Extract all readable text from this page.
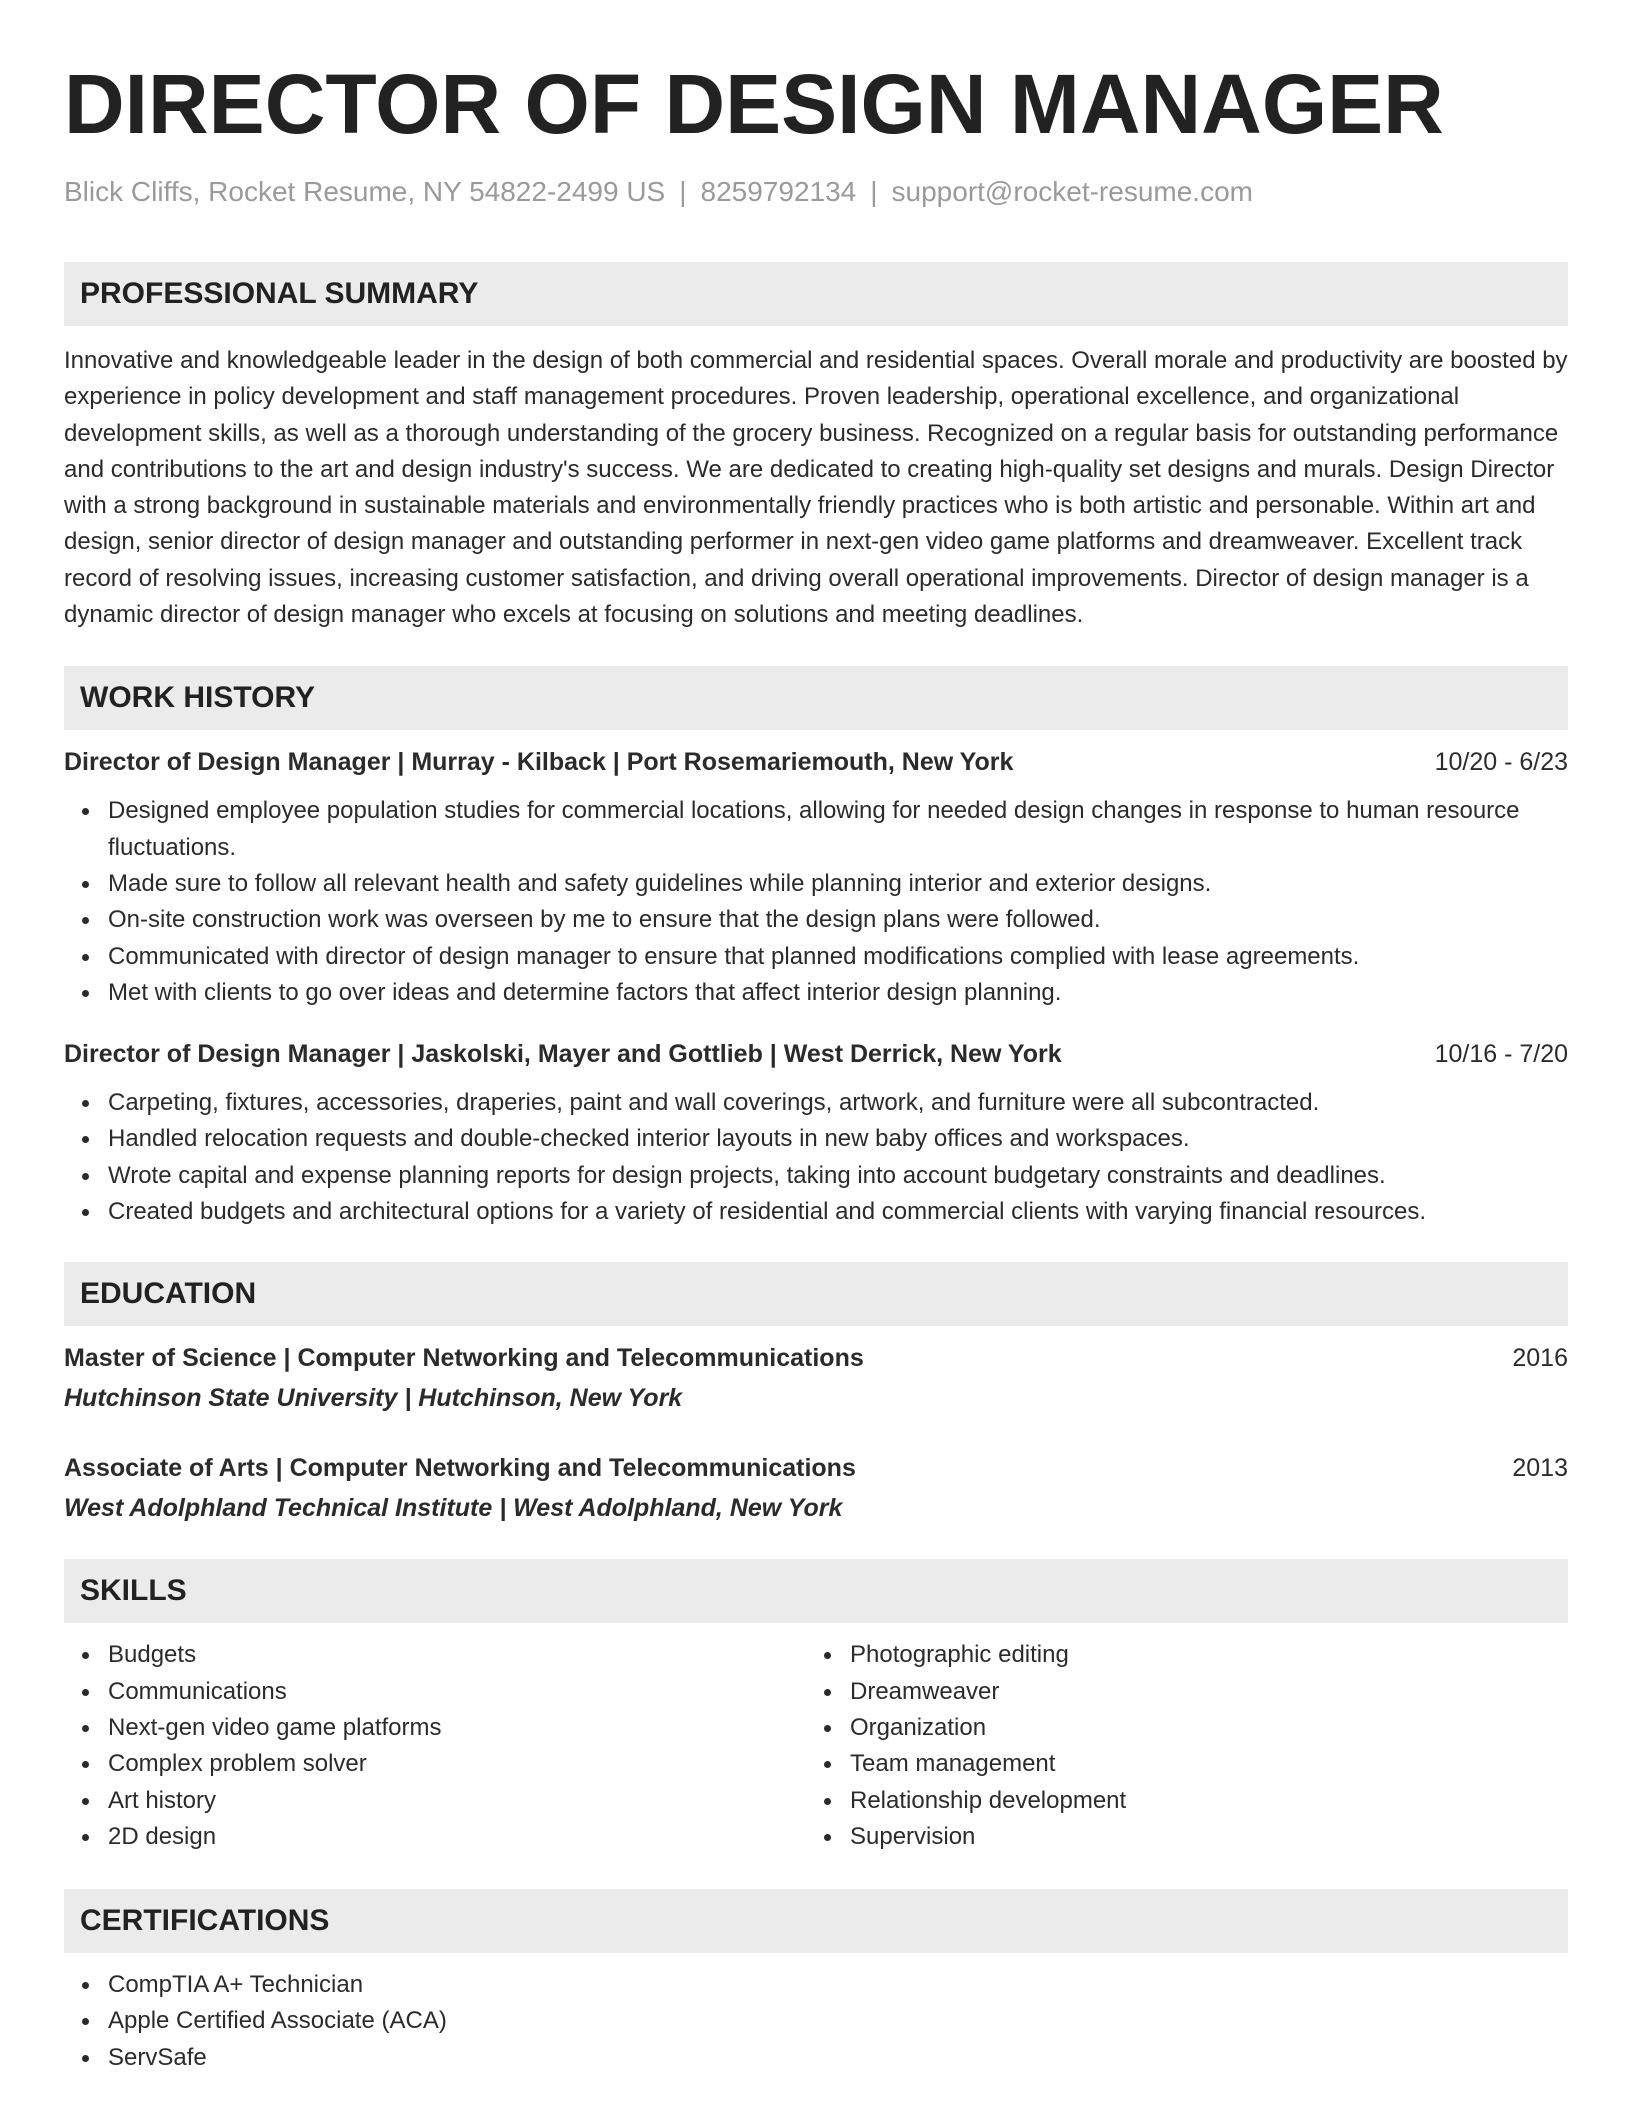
DIRECTOR OF DESIGN MANAGER
Blick Cliffs, Rocket Resume, NY 54822-2499 US | 8259792134 | support@rocket-resume.com
PROFESSIONAL SUMMARY

Innovative and knowledgeable leader in the design of both commercial and residential spaces. Overall morale and productivity are boosted by experience in policy development and staff management procedures. Proven leadership, operational excellence, and organizational development skills, as well as a thorough understanding of the grocery business. Recognized on a regular basis for outstanding performance and contributions to the art and design industry's success. We are dedicated to creating high-quality set designs and murals. Design Director with a strong background in sustainable materials and environmentally friendly practices who is both artistic and personable. Within art and design, senior director of design manager and outstanding performer in next-gen video game platforms and dreamweaver. Excellent track record of resolving issues, increasing customer satisfaction, and driving overall operational improvements. Director of design manager is a dynamic director of design manager who excels at focusing on solutions and meeting deadlines.

WORK HISTORY
Director of Design Manager | Murray - Kilback | Port Rosemariemouth, New York	10/20 - 6/23
Designed employee population studies for commercial locations, allowing for needed design changes in response to human resource fluctuations.
Made sure to follow all relevant health and safety guidelines while planning interior and exterior designs.
On-site construction work was overseen by me to ensure that the design plans were followed.
Communicated with director of design manager to ensure that planned modifications complied with lease agreements.
Met with clients to go over ideas and determine factors that affect interior design planning.
Director of Design Manager | Jaskolski, Mayer and Gottlieb | West Derrick, New York	10/16 - 7/20
Carpeting, fixtures, accessories, draperies, paint and wall coverings, artwork, and furniture were all subcontracted.
Handled relocation requests and double-checked interior layouts in new baby offices and workspaces.
Wrote capital and expense planning reports for design projects, taking into account budgetary constraints and deadlines.
Created budgets and architectural options for a variety of residential and commercial clients with varying financial resources.
EDUCATION
Master of Science | Computer Networking and Telecommunications	2016
Hutchinson State University | Hutchinson, New York
Associate of Arts | Computer Networking and Telecommunications	2013
West Adolphland Technical Institute | West Adolphland, New York
SKILLS
Budgets
Communications
Next-gen video game platforms
Complex problem solver
Art history
2D design
Photographic editing
Dreamweaver
Organization
Team management
Relationship development
Supervision
CERTIFICATIONS
CompTIA A+ Technician
Apple Certified Associate (ACA)
ServSafe
